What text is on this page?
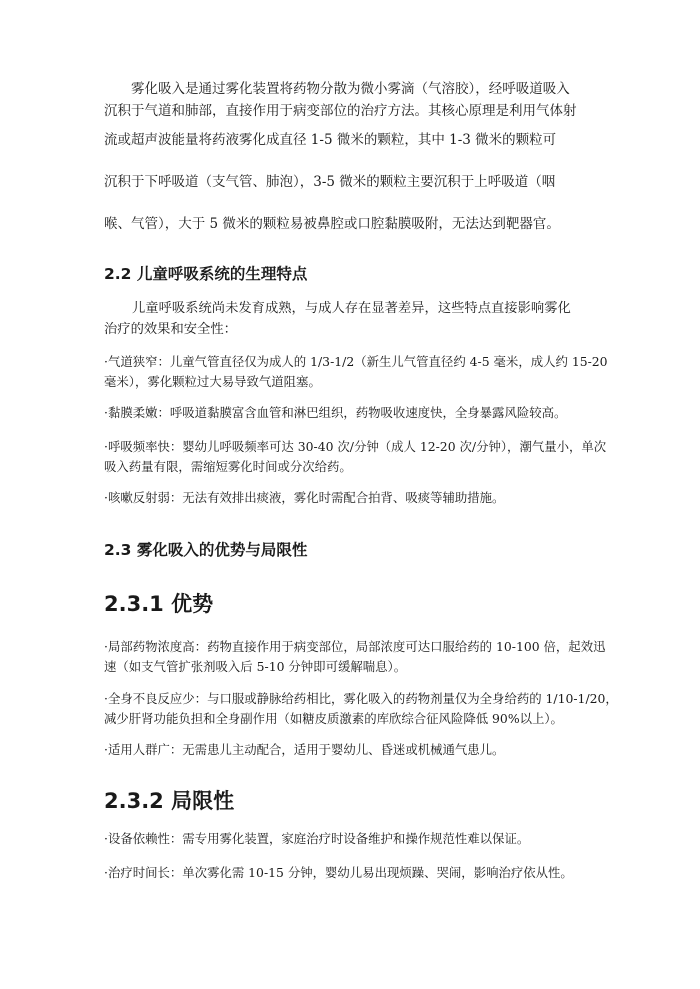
雾化吸入是通过雾化装置将药物分散为微小雾滴（气溶胶），经呼吸道吸入
沉积于气道和肺部，直接作用于病变部位的治疗方法。其核心原理是利用气体射
流或超声波能量将药液雾化成直径 1-5 微米的颗粒，其中 1-3 微米的颗粒可
沉积于下呼吸道（支气管、肺泡），3-5 微米的颗粒主要沉积于上呼吸道（咽
喉、气管），大于 5 微米的颗粒易被鼻腔或口腔黏膜吸附，无法达到靶器官。
2.2 儿童呼吸系统的生理特点
儿童呼吸系统尚未发育成熟，与成人存在显著差异，这些特点直接影响雾化
治疗的效果和安全性：
·气道狭窄：儿童气管直径仅为成人的 1/3-1/2（新生儿气管直径约 4-5 毫米，成人约 15-20
毫米），雾化颗粒过大易导致气道阻塞。
·黏膜柔嫩：呼吸道黏膜富含血管和淋巴组织，药物吸收速度快，全身暴露风险较高。
·呼吸频率快：婴幼儿呼吸频率可达 30-40 次/分钟（成人 12-20 次/分钟），潮气量小，单次
吸入药量有限，需缩短雾化时间或分次给药。
·咳嗽反射弱：无法有效排出痰液，雾化时需配合拍背、吸痰等辅助措施。
2.3 雾化吸入的优势与局限性
2.3.1 优势
·局部药物浓度高：药物直接作用于病变部位，局部浓度可达口服给药的 10-100 倍，起效迅
速（如支气管扩张剂吸入后 5-10 分钟即可缓解喘息）。
·全身不良反应少：与口服或静脉给药相比，雾化吸入的药物剂量仅为全身给药的 1/10-1/20，
减少肝肾功能负担和全身副作用（如糖皮质激素的库欣综合征风险降低 90%以上）。
·适用人群广：无需患儿主动配合，适用于婴幼儿、昏迷或机械通气患儿。
2.3.2 局限性
·设备依赖性：需专用雾化装置，家庭治疗时设备维护和操作规范性难以保证。
·治疗时间长：单次雾化需 10-15 分钟，婴幼儿易出现烦躁、哭闹，影响治疗依从性。
